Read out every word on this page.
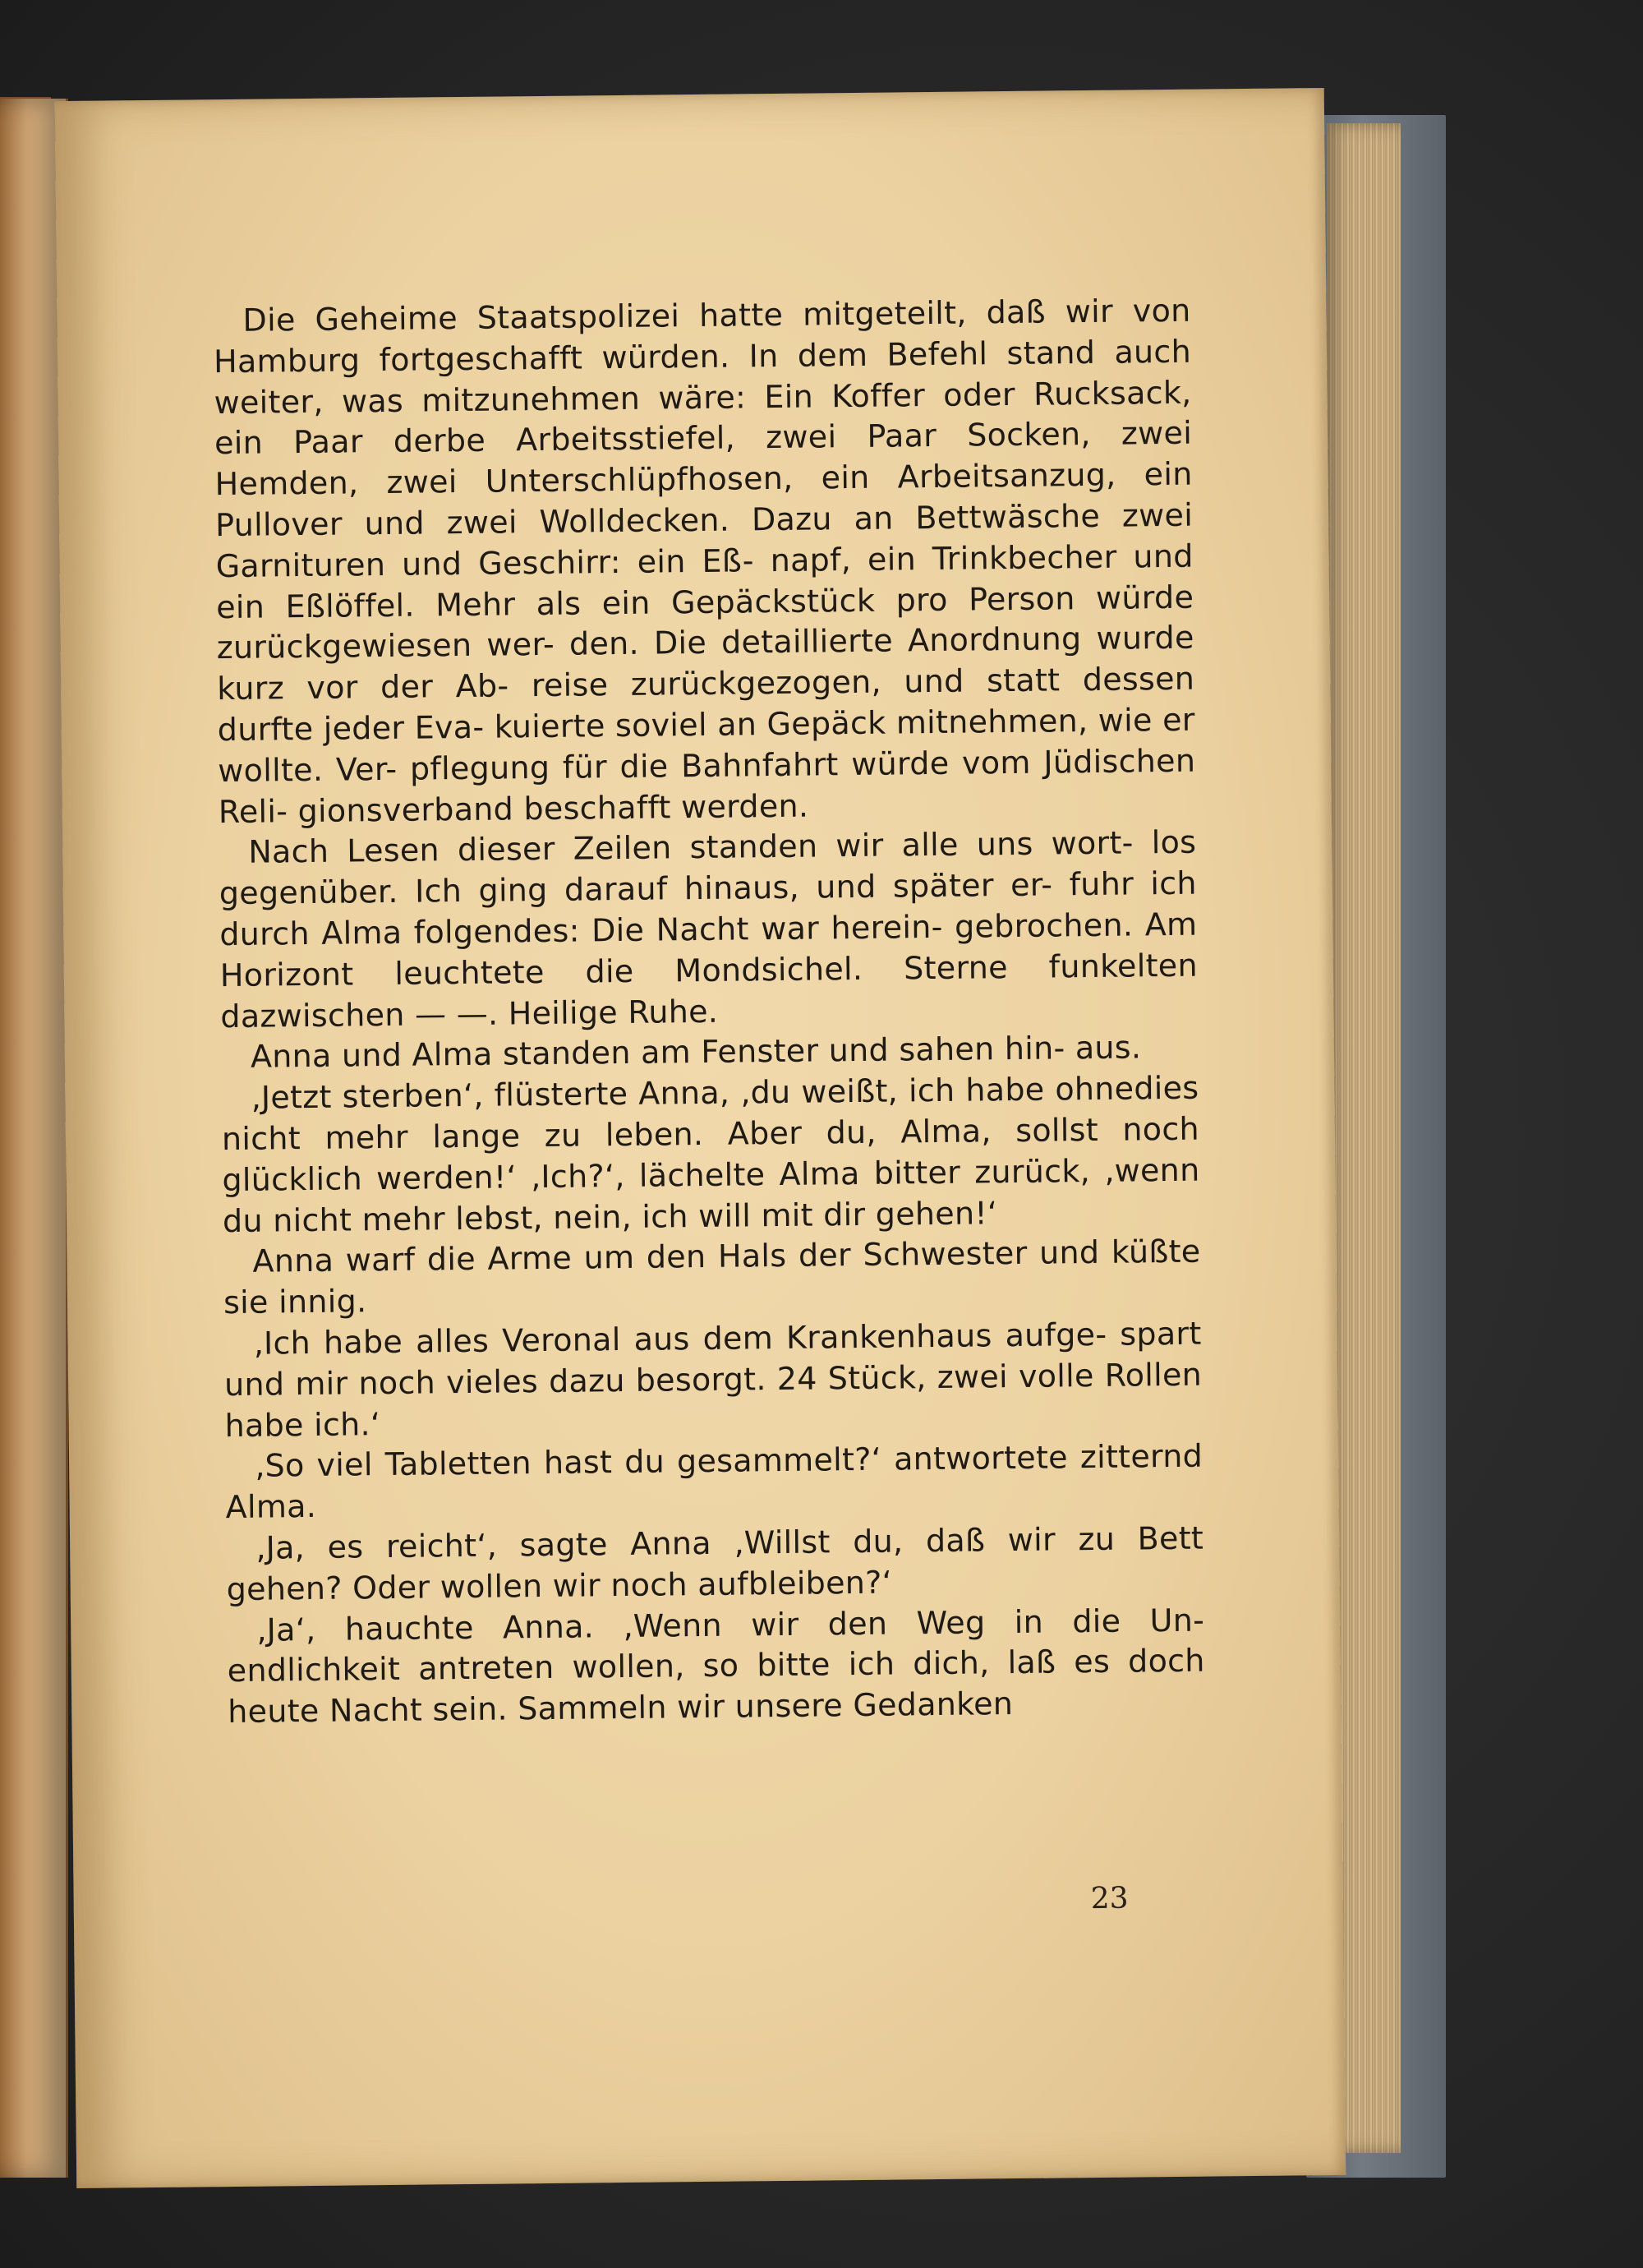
Die Geheime Staatspolizei hatte mitgeteilt, daß wir von Hamburg fortgeschafft würden. In dem Befehl stand auch weiter, was mitzunehmen wäre: Ein Koffer oder Rucksack, ein Paar derbe Arbeitsstiefel, zwei Paar Socken, zwei Hemden, zwei Unterschlüpfhosen, ein Arbeitsanzug, ein Pullover und zwei Wolldecken. Dazu an Bettwäsche zwei Garnituren und Geschirr: ein Eß- napf, ein Trinkbecher und ein Eßlöffel. Mehr als ein Gepäckstück pro Person würde zurückgewiesen wer- den. Die detaillierte Anordnung wurde kurz vor der Ab- reise zurückgezogen, und statt dessen durfte jeder Eva- kuierte soviel an Gepäck mitnehmen, wie er wollte. Ver- pflegung für die Bahnfahrt würde vom Jüdischen Reli- gionsverband beschafft werden.

Nach Lesen dieser Zeilen standen wir alle uns wort- los gegenüber. Ich ging darauf hinaus, und später er- fuhr ich durch Alma folgendes: Die Nacht war herein- gebrochen. Am Horizont leuchtete die Mondsichel. Sterne funkelten dazwischen — —. Heilige Ruhe.

Anna und Alma standen am Fenster und sahen hin- aus.

‚Jetzt sterben‘, flüsterte Anna, ‚du weißt, ich habe ohnedies nicht mehr lange zu leben. Aber du, Alma, sollst noch glücklich werden!‘ ‚Ich?‘, lächelte Alma bitter zurück, ‚wenn du nicht mehr lebst, nein, ich will mit dir gehen!‘

Anna warf die Arme um den Hals der Schwester und küßte sie innig.

‚Ich habe alles Veronal aus dem Krankenhaus aufge- spart und mir noch vieles dazu besorgt. 24 Stück, zwei volle Rollen habe ich.‘

‚So viel Tabletten hast du gesammelt?‘ antwortete zitternd Alma.

‚Ja, es reicht‘, sagte Anna ‚Willst du, daß wir zu Bett gehen? Oder wollen wir noch aufbleiben?‘

‚Ja‘, hauchte Anna. ‚Wenn wir den Weg in die Un- endlichkeit antreten wollen, so bitte ich dich, laß es doch heute Nacht sein. Sammeln wir unsere Gedanken

23
